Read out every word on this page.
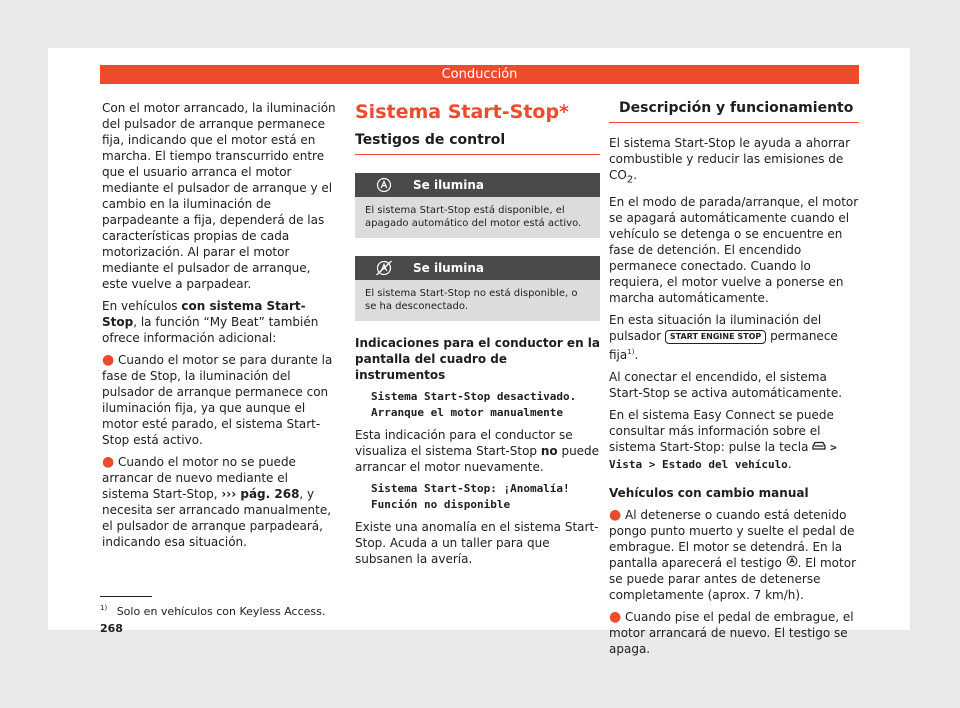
Conducción

Con el motor arrancado, la iluminación del pulsador de arranque permanece fija, indicando que el motor está en marcha. El tiempo transcurrido entre que el usuario arranca el motor mediante el pulsador de arranque y el cambio en la iluminación de parpadeante a fija, dependerá de las características propias de cada motorización. Al parar el motor mediante el pulsador de arranque, este vuelve a parpadear.

En vehículos con sistema Start-Stop, la función “My Beat” también ofrece información adicional:

● Cuando el motor se para durante la fase de Stop, la iluminación del pulsador de arranque permanece con iluminación fija, ya que aunque el motor esté parado, el sistema Start-Stop está activo.

● Cuando el motor no se puede arrancar de nuevo mediante el sistema Start-Stop, ››› pág. 268, y necesita ser arrancado manualmente, el pulsador de arranque parpadeará, indicando esa situación.

Sistema Start-Stop*
Testigos de control
Se ilumina
El sistema Start-Stop está disponible, el apagado automático del motor está activo.
Se ilumina
El sistema Start-Stop no está disponible, o se ha desconectado.

Indicaciones para el conductor en la pantalla del cuadro de instrumentos

Sistema Start-Stop desactivado.
Arranque el motor manualmente

Esta indicación para el conductor se visualiza el sistema Start-Stop no puede arrancar el motor nuevamente.

Sistema Start-Stop: ¡Anomalía!
Función no disponible

Existe una anomalía en el sistema Start-Stop. Acuda a un taller para que subsanen la avería.

Descripción y funcionamiento

El sistema Start-Stop le ayuda a ahorrar combustible y reducir las emisiones de $CO_2$.

En el modo de parada/arranque, el motor se apagará automáticamente cuando el vehículo se detenga o se encuentre en fase de detención. El encendido permanece conectado. Cuando lo requiera, el motor vuelve a ponerse en marcha automáticamente.

En esta situación la iluminación del pulsador START ENGINE STOP permanece fija$^{1)}$.

Al conectar el encendido, el sistema Start-Stop se activa automáticamente.

En el sistema Easy Connect se puede consultar más información sobre el sistema Start-Stop: pulse la tecla  > Vista > Estado del vehículo.

Vehículos con cambio manual

● Al detenerse o cuando está detenido pongo punto muerto y suelte el pedal de embrague. El motor se detendrá. En la pantalla aparecerá el testigo . El motor se puede parar antes de detenerse completamente (aprox. 7 km/h).

● Cuando pise el pedal de embrague, el motor arrancará de nuevo. El testigo se apaga.

$^{1)}$ Solo en vehículos con Keyless Access.
268
